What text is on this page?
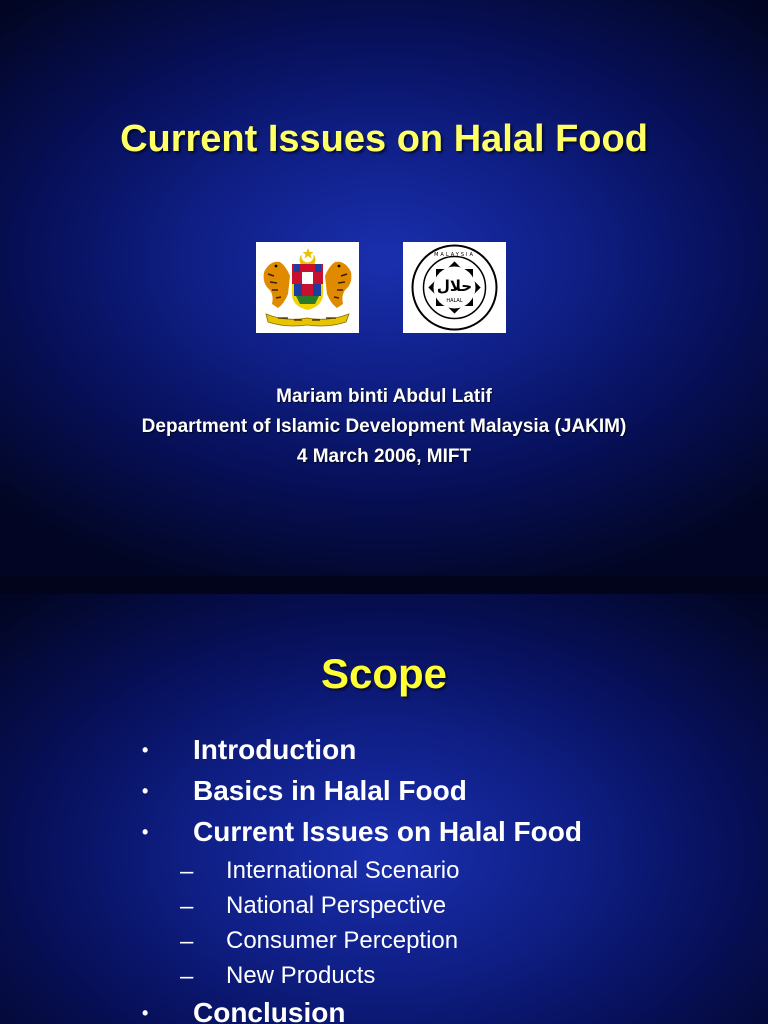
Current Issues on Halal Food
حلال
HALAL
MALAYSIA
Mariam binti Abdul Latif
Department of Islamic Development Malaysia (JAKIM)
4 March 2006, MIFT
Scope
• Introduction
• Basics in Halal Food
• Current Issues on Halal Food
– International Scenario
– National Perspective
– Consumer Perception
– New Products
• Conclusion
